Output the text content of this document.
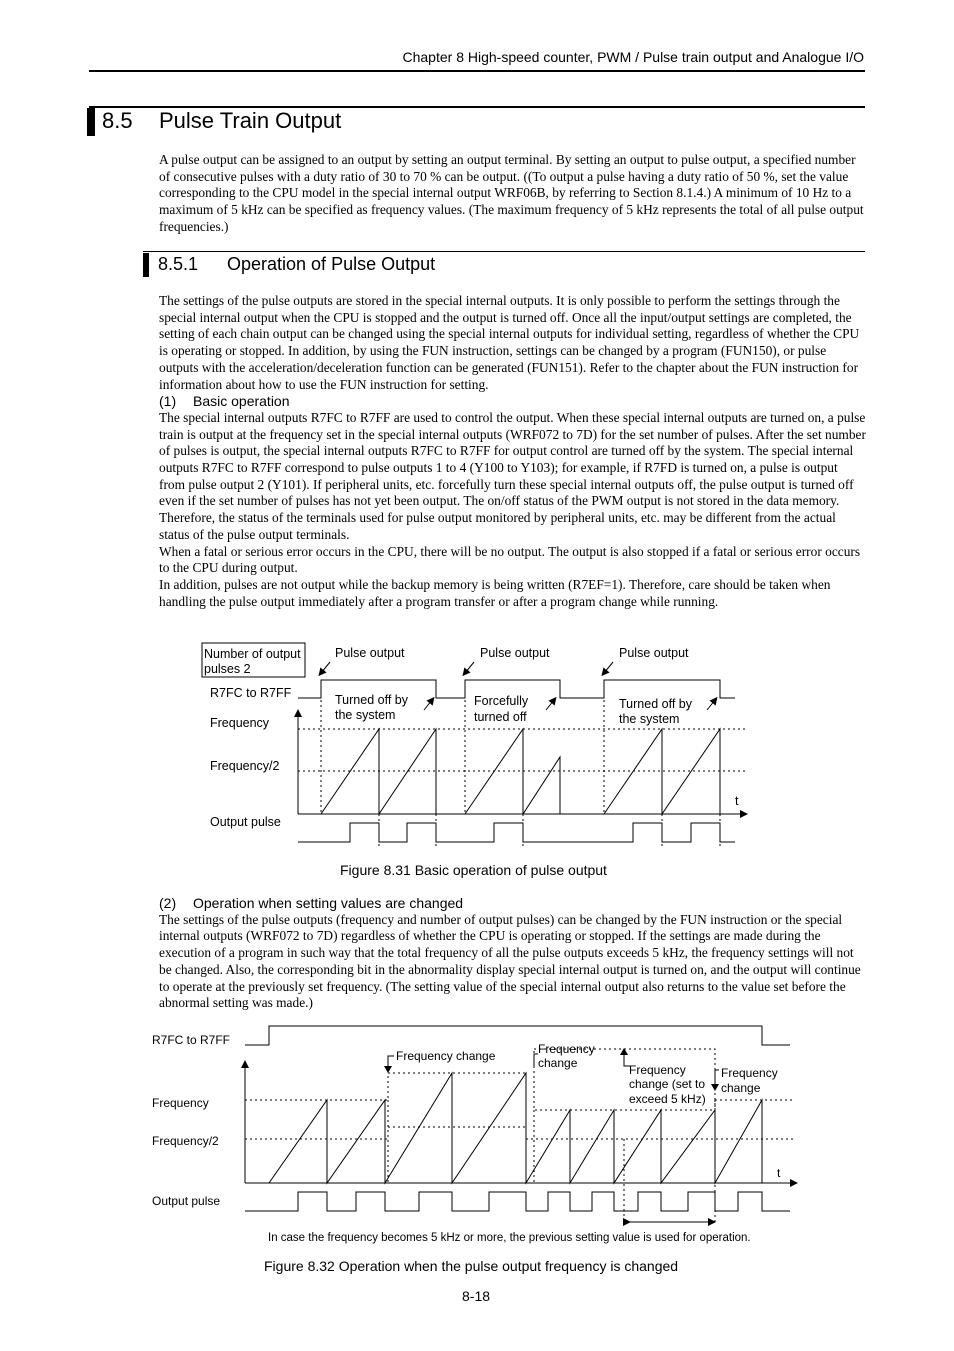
Chapter 8 High-speed counter, PWM / Pulse train output and Analogue I/O
8.5 Pulse Train Output

A pulse output can be assigned to an output by setting an output terminal. By setting an output to pulse output, a specified number of consecutive pulses with a duty ratio of 30 to 70 % can be output. ((To output a pulse having a duty ratio of 50 %, set the value corresponding to the CPU model in the special internal output WRF06B, by referring to Section 8.1.4.) A minimum of 10 Hz to a maximum of 5 kHz can be specified as frequency values. (The maximum frequency of 5 kHz represents the total of all pulse output frequencies.)

8.5.1 Operation of Pulse Output

The settings of the pulse outputs are stored in the special internal outputs. It is only possible to perform the settings through the special internal output when the CPU is stopped and the output is turned off. Once all the input/output settings are completed, the setting of each chain output can be changed using the special internal outputs for individual setting, regardless of whether the CPU is operating or stopped. In addition, by using the FUN instruction, settings can be changed by a program (FUN150), or pulse outputs with the acceleration/deceleration function can be generated (FUN151). Refer to the chapter about the FUN instruction for information about how to use the FUN instruction for setting.

(1) Basic operation

The special internal outputs R7FC to R7FF are used to control the output. When these special internal outputs are turned on, a pulse train is output at the frequency set in the special internal outputs (WRF072 to 7D) for the set number of pulses. After the set number of pulses is output, the special internal outputs R7FC to R7FF for output control are turned off by the system. The special internal outputs R7FC to R7FF correspond to pulse outputs 1 to 4 (Y100 to Y103); for example, if R7FD is turned on, a pulse is output from pulse output 2 (Y101). If peripheral units, etc. forcefully turn these special internal outputs off, the pulse output is turned off even if the set number of pulses has not yet been output. The on/off status of the PWM output is not stored in the data memory. Therefore, the status of the terminals used for pulse output monitored by peripheral units, etc. may be different from the actual status of the pulse output terminals.

When a fatal or serious error occurs in the CPU, there will be no output. The output is also stopped if a fatal or serious error occurs to the CPU during output.

In addition, pulses are not output while the backup memory is being written (R7EF=1). Therefore, care should be taken when handling the pulse output immediately after a program transfer or after a program change while running.

Number of output
pulses 2
Pulse output	Pulse output	Pulse output
R7FC to R7FF
Frequency
Frequency/2
Output pulse
Turned off by
the system
Forcefully
turned off
Turned off by
the system
t
Figure 8.31 Basic operation of pulse output
(2) Operation when setting values are changed

The settings of the pulse outputs (frequency and number of output pulses) can be changed by the FUN instruction or the special internal outputs (WRF072 to 7D) regardless of whether the CPU is operating or stopped. If the settings are made during the execution of a program in such way that the total frequency of all the pulse outputs exceeds 5 kHz, the frequency settings will not be changed. Also, the corresponding bit in the abnormality display special internal output is turned on, and the output will continue to operate at the previously set frequency. (The setting value of the special internal output also returns to the value set before the abnormal setting was made.)

R7FC to R7FF
Frequency
Frequency/2
Output pulse
Frequency change	Frequency
change	Frequency
change (set to
exceed 5 kHz)
Frequency
change
t
In case the frequency becomes 5 kHz or more, the previous setting value is used for operation.
Figure 8.32 Operation when the pulse output frequency is changed
8-18
